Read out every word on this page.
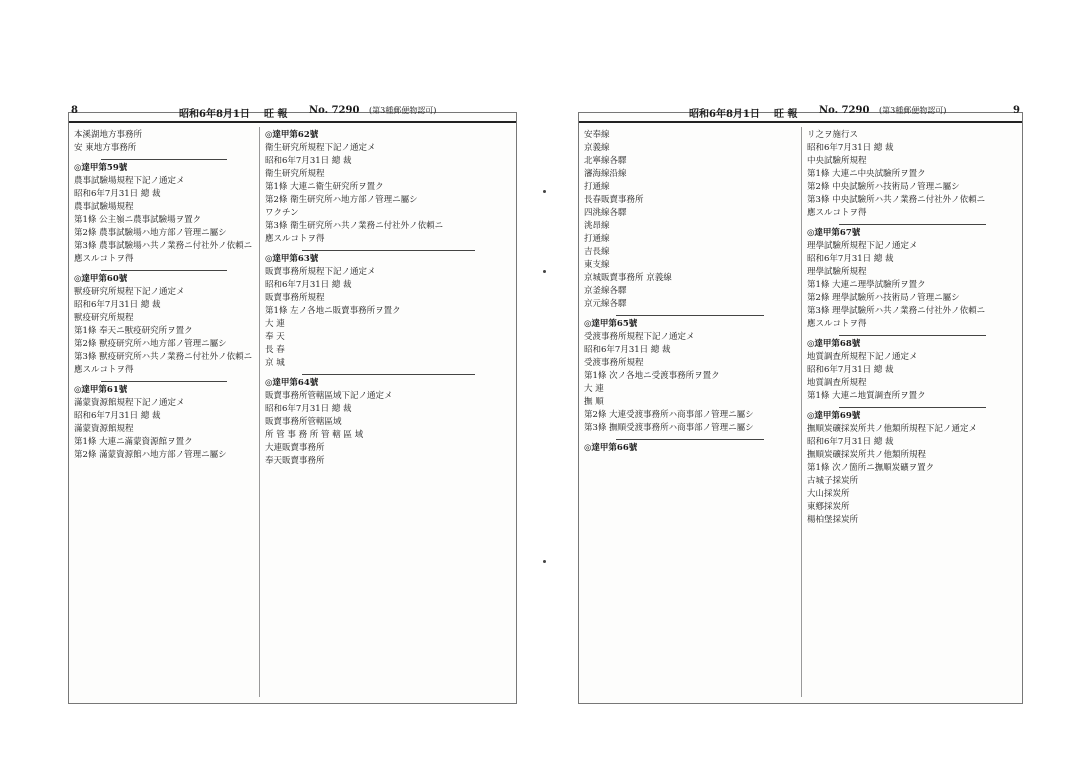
8	昭和6年8月1日 旺 報 No. 7290 (第3種郵便物認可)
本溪湖地方事務所
安 東地方事務所
◎達甲第59號
農事試驗場規程下記ノ通定メ
昭和6年7月31日 總 裁
農事試驗場規程
第1條 公主嶺ニ農事試驗場ヲ置ク
第2條 農事試驗場ハ地方部ノ管理ニ屬シ
第3條 農事試驗場ハ共ノ業務ニ付社外ノ依頼ニ
應スルコトヲ得
◎達甲第60號
獸疫研究所規程下記ノ通定メ
昭和6年7月31日 總 裁
獸疫研究所規程
第1條 奉天ニ獸疫研究所ヲ置ク
第2條 獸疫研究所ハ地方部ノ管理ニ屬シ
第3條 獸疫研究所ハ共ノ業務ニ付社外ノ依頼ニ
應スルコトヲ得
◎達甲第61號
滿蒙資源館規程下記ノ通定メ
昭和6年7月31日 總 裁
滿蒙資源館規程
第1條 大連ニ滿蒙資源館ヲ置ク
第2條 滿蒙資源館ハ地方部ノ管理ニ屬シ
◎達甲第62號
衛生研究所規程下記ノ通定メ
昭和6年7月31日 總 裁
衛生研究所規程
第1條 大連ニ衛生研究所ヲ置ク
第2條 衛生研究所ハ地方部ノ管理ニ屬シ
ワクチン
第3條 衛生研究所ハ共ノ業務ニ付社外ノ依頼ニ
應スルコトヲ得
◎達甲第63號
販賣事務所規程下記ノ通定メ
昭和6年7月31日 總 裁
販賣事務所規程
第1條 左ノ各地ニ販賣事務所ヲ置ク
大 連
奉 天
長 春
京 城
◎達甲第64號
販賣事務所管轄區域下記ノ通定メ
昭和6年7月31日 總 裁
販賣事務所管轄區域
所 管 事 務 所 管 轄 區 域
大連販賣事務所
奉天販賣事務所
昭和6年8月1日 旺 報 No. 7290 (第3種郵便物認可)	9
安奉線
京義線
北寧線各驛
瀋海線沿線
打通線
長春販賣事務所
四洮線各驛
洮昂線
打通線
吉長線
東支線
京城販賣事務所 京義線
京釜線各驛
京元線各驛
◎達甲第65號
受渡事務所規程下記ノ通定メ
昭和6年7月31日 總 裁
受渡事務所規程
第1條 次ノ各地ニ受渡事務所ヲ置ク
大 連
撫 順
第2條 大連受渡事務所ハ商事部ノ管理ニ屬シ
第3條 撫順受渡事務所ハ商事部ノ管理ニ屬シ
◎達甲第66號
リ之ヲ施行ス
昭和6年7月31日 總 裁
中央試驗所規程
第1條 大連ニ中央試驗所ヲ置ク
第2條 中央試驗所ハ技術局ノ管理ニ屬シ
第3條 中央試驗所ハ共ノ業務ニ付社外ノ依頼ニ
應スルコトヲ得
◎達甲第67號
理學試驗所規程下記ノ通定メ
昭和6年7月31日 總 裁
理學試驗所規程
第1條 大連ニ理學試驗所ヲ置ク
第2條 理學試驗所ハ技術局ノ管理ニ屬シ
第3條 理學試驗所ハ共ノ業務ニ付社外ノ依頼ニ
應スルコトヲ得
◎達甲第68號
地質調査所規程下記ノ通定メ
昭和6年7月31日 總 裁
地質調査所規程
第1條 大連ニ地質調査所ヲ置ク
◎達甲第69號
撫順炭礦採炭所共ノ他類所規程下記ノ通定メ
昭和6年7月31日 總 裁
撫順炭礦採炭所共ノ他類所規程
第1條 次ノ箇所ニ撫順炭礦ヲ置ク
古城子採炭所
大山採炭所
東鄕採炭所
楊柏堡採炭所
